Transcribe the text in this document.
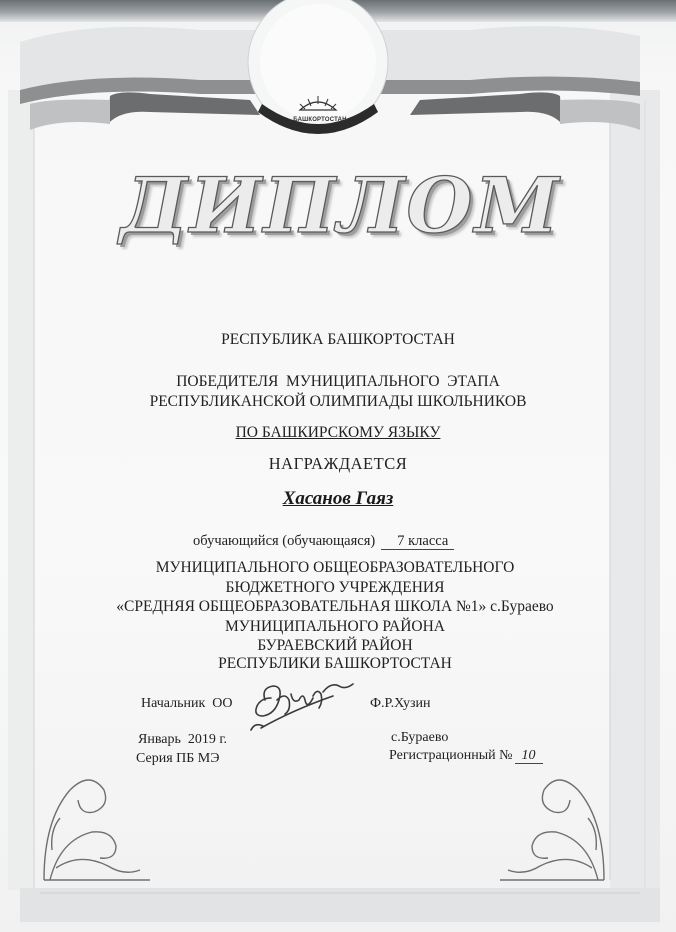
БАШКОРТОСТАН
ДИПЛОМ
РЕСПУБЛИКА БАШКОРТОСТАН
ПОБЕДИТЕЛЯ  МУНИЦИПАЛЬНОГО  ЭТАПА
РЕСПУБЛИКАНСКОЙ ОЛИМПИАДЫ ШКОЛЬНИКОВ
ПО БАШКИРСКОМУ ЯЗЫКУ
НАГРАЖДАЕТСЯ
Хасанов Гаяз
обучающийся (обучающаяся) 7 класса
МУНИЦИПАЛЬНОГО ОБЩЕОБРАЗОВАТЕЛЬНОГО
БЮДЖЕТНОГО УЧРЕЖДЕНИЯ
«СРЕДНЯЯ ОБЩЕОБРАЗОВАТЕЛЬНАЯ ШКОЛА №1» с.Бураево
МУНИЦИПАЛЬНОГО РАЙОНА
БУРАЕВСКИЙ РАЙОН
РЕСПУБЛИКИ БАШКОРТОСТАН
Начальник  ОО	Ф.Р.Хузин
Январь  2019 г.
Серия ПБ МЭ
с.Бураево
Регистрационный № 10
